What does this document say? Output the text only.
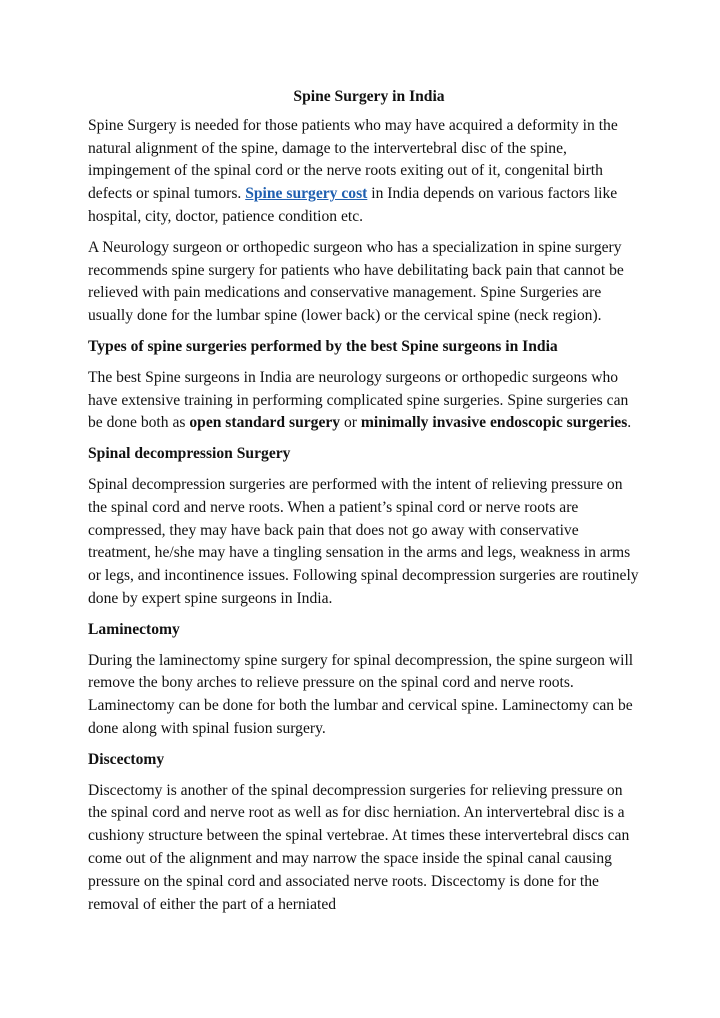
Spine Surgery in India

Spine Surgery is needed for those patients who may have acquired a deformity in the natural alignment of the spine, damage to the intervertebral disc of the spine, impingement of the spinal cord or the nerve roots exiting out of it, congenital birth defects or spinal tumors. Spine surgery cost in India depends on various factors like hospital, city, doctor, patience condition etc.

A Neurology surgeon or orthopedic surgeon who has a specialization in spine surgery recommends spine surgery for patients who have debilitating back pain that cannot be relieved with pain medications and conservative management. Spine Surgeries are usually done for the lumbar spine (lower back) or the cervical spine (neck region).

Types of spine surgeries performed by the best Spine surgeons in India

The best Spine surgeons in India are neurology surgeons or orthopedic surgeons who have extensive training in performing complicated spine surgeries. Spine surgeries can be done both as open standard surgery or minimally invasive endoscopic surgeries.

Spinal decompression Surgery

Spinal decompression surgeries are performed with the intent of relieving pressure on the spinal cord and nerve roots. When a patient’s spinal cord or nerve roots are compressed, they may have back pain that does not go away with conservative treatment, he/she may have a tingling sensation in the arms and legs, weakness in arms or legs, and incontinence issues. Following spinal decompression surgeries are routinely done by expert spine surgeons in India.

Laminectomy

During the laminectomy spine surgery for spinal decompression, the spine surgeon will remove the bony arches to relieve pressure on the spinal cord and nerve roots. Laminectomy can be done for both the lumbar and cervical spine. Laminectomy can be done along with spinal fusion surgery.

Discectomy

Discectomy is another of the spinal decompression surgeries for relieving pressure on the spinal cord and nerve root as well as for disc herniation. An intervertebral disc is a cushiony structure between the spinal vertebrae. At times these intervertebral discs can come out of the alignment and may narrow the space inside the spinal canal causing pressure on the spinal cord and associated nerve roots. Discectomy is done for the removal of either the part of a herniated
